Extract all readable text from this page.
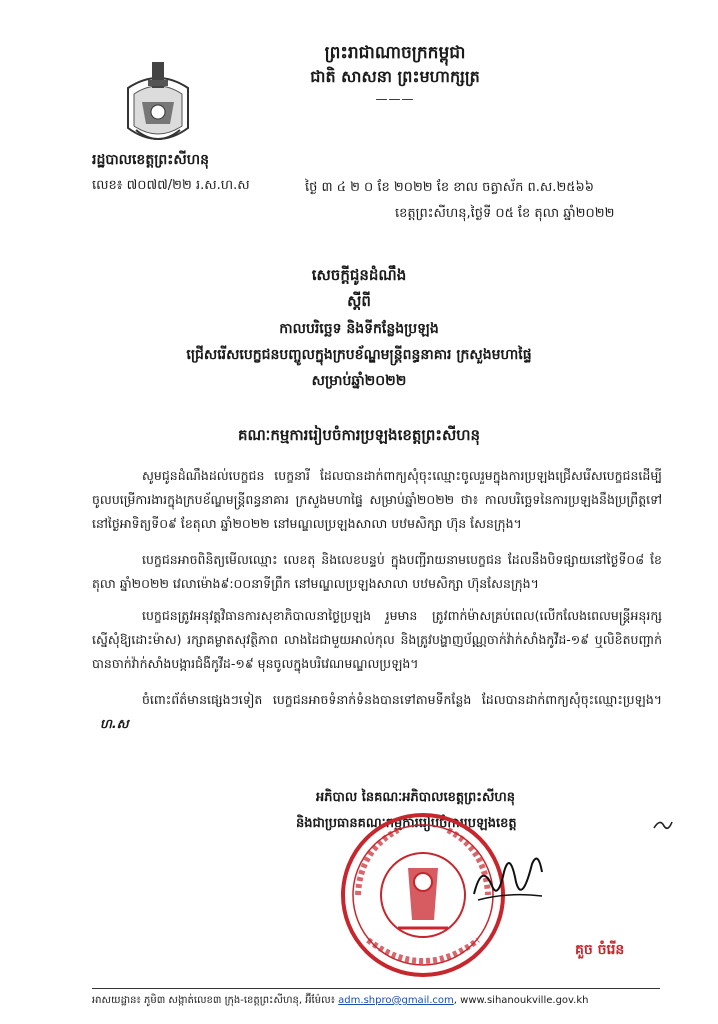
ព្រះរាជាណាចក្រកម្ពុជា
ជាតិ សាសនា ព្រះមហាក្សត្រ
———
រដ្ឋបាលខេត្តព្រះសីហនុ
លេខ៖ ៧០៧៧/២២ រ.ស.ហ.ស	ថ្ងៃ ៣ ៤ ២ ០ ខែ ២០២២ ខែ ខាល ចត្វាស័ក ព.ស.២៥៦៦
ខេត្តព្រះសីហនុ,ថ្ងៃទី ០៥ ខែ តុលា ឆ្នាំ២០២២
សេចក្តីជូនដំណឹង
ស្តីពី
កាលបរិច្ឆេទ និងទីកន្លែងប្រឡង
ជ្រើសរើសបេក្ខជនបញ្ចូលក្នុងក្របខ័ណ្ឌមន្ត្រីពន្ធនាគារ ក្រសួងមហាផ្ទៃ
សម្រាប់ឆ្នាំ២០២២
គណៈកម្មការរៀបចំការប្រឡងខេត្តព្រះសីហនុ
សូមជូនដំណឹងដល់បេក្ខជន បេក្ខនារី ដែលបានដាក់ពាក្យសុំចុះឈ្មោះចូលរួមក្នុងការប្រឡងជ្រើសរើសបេក្ខជនដើម្បីចូលបម្រើការងារក្នុងក្របខ័ណ្ឌមន្ត្រីពន្ធនាគារ ក្រសួងមហាផ្ទៃ សម្រាប់ឆ្នាំ២០២២ ថា៖ កាលបរិច្ឆេទនៃការប្រឡងនឹងប្រព្រឹត្តទៅនៅថ្ងៃអាទិត្យទី០៩ ខែតុលា ឆ្នាំ២០២២ នៅមណ្ឌលប្រឡងសាលា បឋមសិក្សា ហ៊ុន សែនក្រុង។
បេក្ខជនអាចពិនិត្យមើលឈ្មោះ លេខតុ និងលេខបន្ទប់ ក្នុងបញ្ជីរាយនាមបេក្ខជន ដែលនឹងបិទផ្សាយនៅថ្ងៃទី០៨ ខែតុលា ឆ្នាំ២០២២ វេលាម៉ោង៩:០០នាទីព្រឹក នៅមណ្ឌលប្រឡងសាលា បឋមសិក្សា ហ៊ុនសែនក្រុង។
បេក្ខជនត្រូវអនុវត្តវិធានការសុខាភិបាលនាថ្ងៃប្រឡង រួមមាន ត្រូវពាក់ម៉ាសគ្រប់ពេល(លើកលែងពេលមន្ត្រីអនុរក្សស្នើសុំឱ្យដោះម៉ាស) រក្សាគម្លាតសុវត្ថិភាព លាងដៃជាមួយអាល់កុល និងត្រូវបង្ហាញប័ណ្ណចាក់វ៉ាក់សាំងកូវីដ-១៩ ឬលិខិតបញ្ជាក់បានចាក់វ៉ាក់សាំងបង្ការជំងឺកូវីដ-១៩ មុនចូលក្នុងបរិវេណមណ្ឌលប្រឡង។
ចំពោះព័ត៌មានផ្សេងៗទៀត បេក្ខជនអាចទំនាក់ទំនងបានទៅតាមទីកន្លែង ដែលបានដាក់ពាក្យសុំចុះឈ្មោះប្រឡង។ហ.ស
អភិបាល នៃគណៈអភិបាលខេត្តព្រះសីហនុ
និងជាប្រធានគណៈកម្មការរៀបចំការប្រឡងខេត្ត
គួច ចំរើន
អាសយដ្ឋាន៖ ភូមិ៣ សង្កាត់លេខ៣ ក្រុង-ខេត្តព្រះសីហនុ, អ៊ីម៉ែល៖ adm.shpro@gmail.com, www.sihanoukville.gov.kh
